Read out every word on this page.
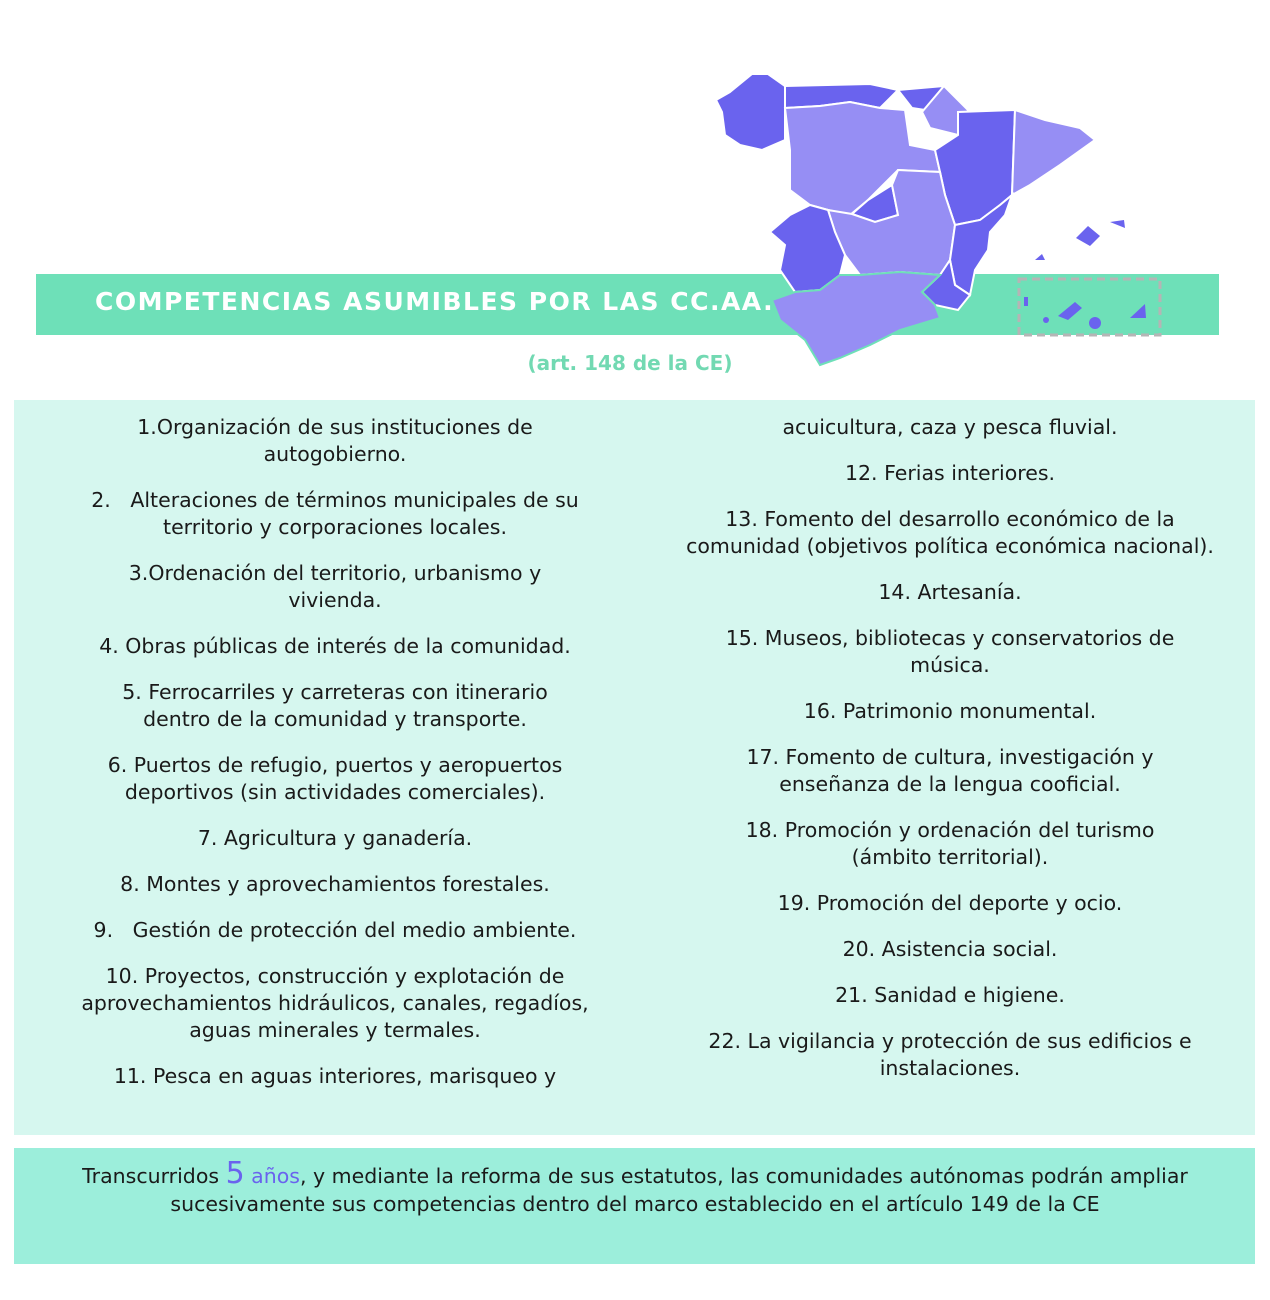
COMPETENCIAS ASUMIBLES POR LAS CC.AA.
(art. 148 de la CE)
1.Organización de sus instituciones de
autogobierno.
2.   Alteraciones de términos municipales de su
territorio y corporaciones locales.
3.Ordenación del territorio, urbanismo y
vivienda.
4. Obras públicas de interés de la comunidad.
5. Ferrocarriles y carreteras con itinerario
dentro de la comunidad y transporte.
6. Puertos de refugio, puertos y aeropuertos
deportivos (sin actividades comerciales).
7. Agricultura y ganadería.
8. Montes y aprovechamientos forestales.
9.   Gestión de protección del medio ambiente.
10. Proyectos, construcción y explotación de
aprovechamientos hidráulicos, canales, regadíos,
aguas minerales y termales.
11. Pesca en aguas interiores, marisqueo y
acuicultura, caza y pesca fluvial.
12. Ferias interiores.
13. Fomento del desarrollo económico de la
comunidad (objetivos política económica nacional).
14. Artesanía.
15. Museos, bibliotecas y conservatorios de
música.
16. Patrimonio monumental.
17. Fomento de cultura, investigación y
enseñanza de la lengua cooficial.
18. Promoción y ordenación del turismo
(ámbito territorial).
19. Promoción del deporte y ocio.
20. Asistencia social.
21. Sanidad e higiene.
22. La vigilancia y protección de sus edificios e
instalaciones.
Transcurridos 5 años, y mediante la reforma de sus estatutos, las comunidades autónomas podrán ampliar sucesivamente sus competencias dentro del marco establecido en el artículo 149 de la CE
